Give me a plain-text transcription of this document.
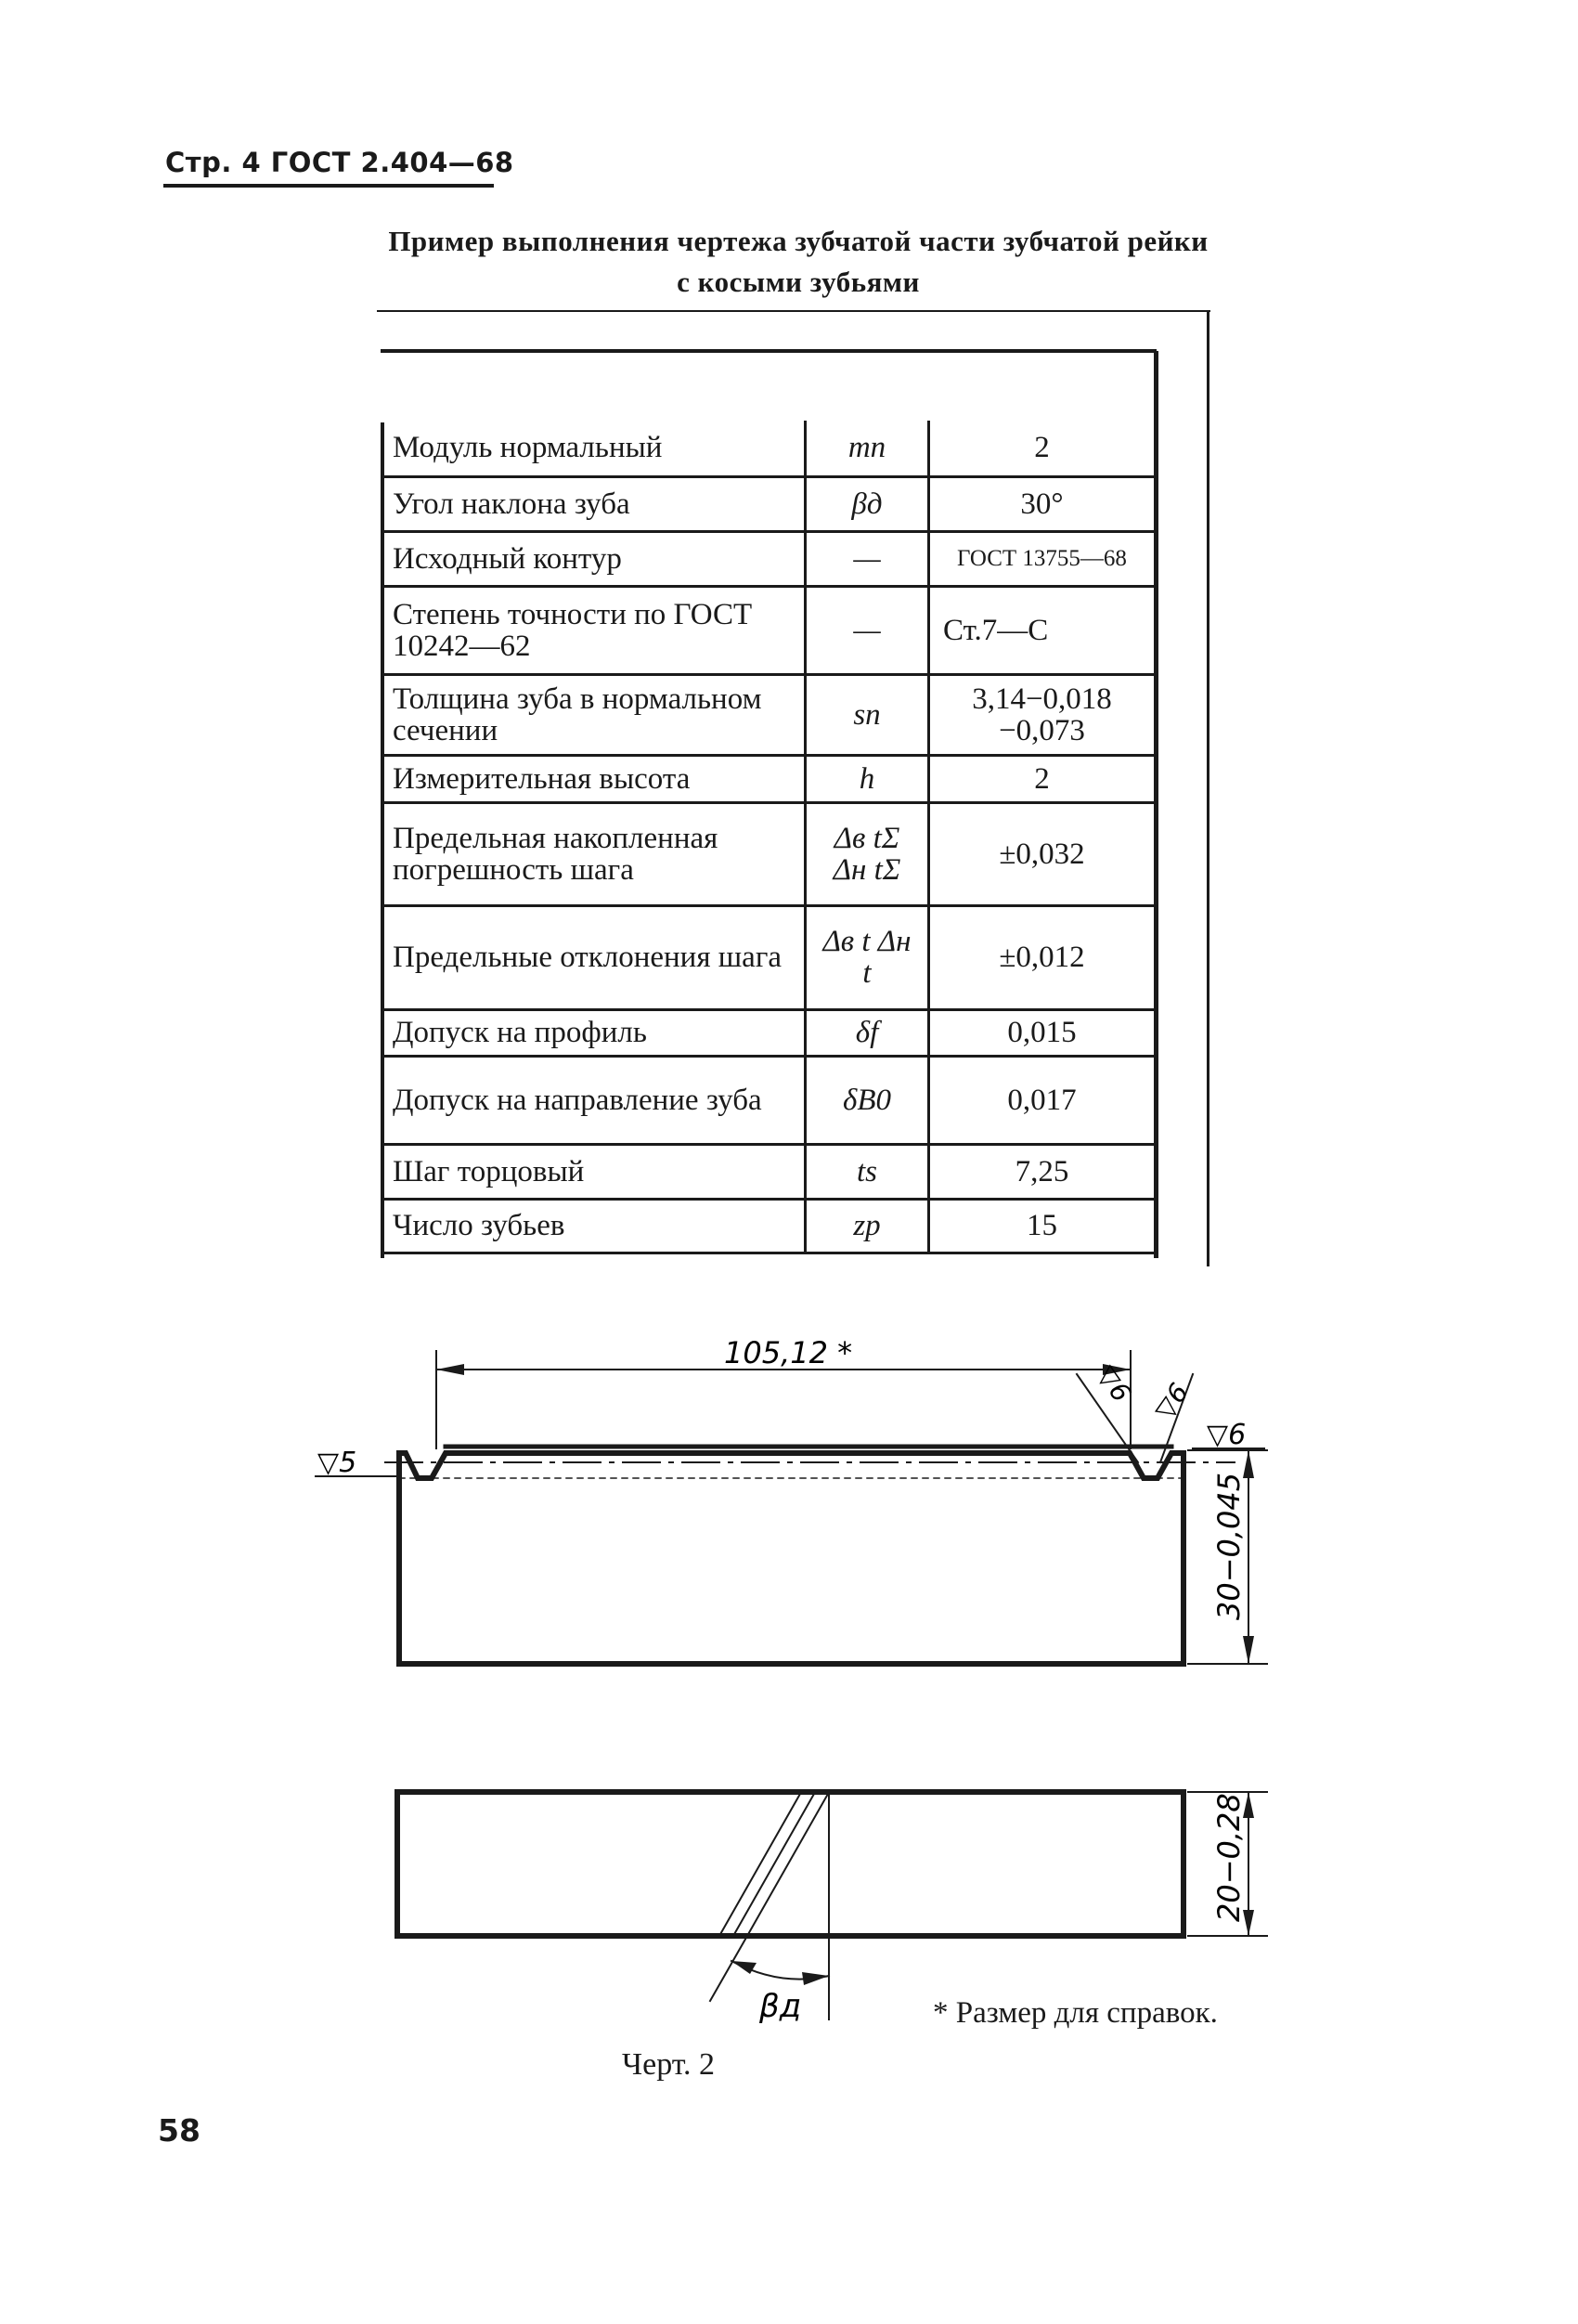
Стр. 4 ГОСТ 2.404—68
Пример выполнения чертежа зубчатой части зубчатой рейки
с косыми зубьями
Модуль нормальный	mn	2
Угол наклона зуба	βд	30°
Исходный контур	—	ГОСТ 13755—68
Степень точности по ГОСТ 10242—62	—	Ст.7—С
Толщина зуба в нормальном сечении	sn	3,14−0,018 −0,073
Измерительная высота	h	2
Предельная накопленная погрешность шага	Δв tΣ Δн tΣ	±0,032
Предельные отклонения шага	Δв t Δн t	±0,012
Допуск на профиль	δf	0,015
Допуск на направление зуба	δB0	0,017
Шаг торцовый	ts	7,25
Число зубьев	zp	15
105,12 *
30−0,045
20−0,28
▽5
▽6
▽6 ▽6
βд	* Размер для справок.
Черт. 2
58
